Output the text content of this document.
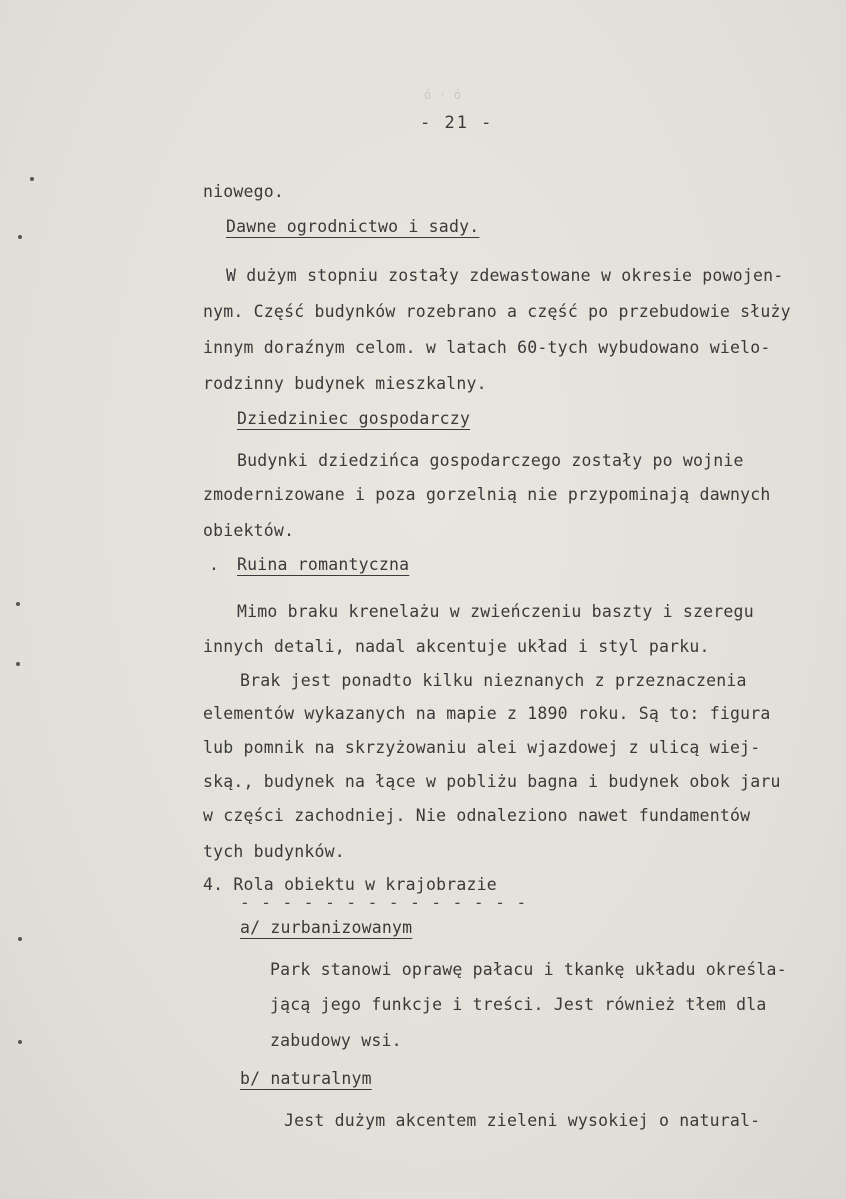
ó · ó
- 21 -
niowego.
Dawne ogrodnictwo i sady.
W dużym stopniu zostały zdewastowane w okresie powojen-
nym. Część budynków rozebrano a część po przebudowie służy
innym doraźnym celom. w latach 60-tych wybudowano wielo-
rodzinny budynek mieszkalny.
Dziedziniec gospodarczy
Budynki dziedzińca gospodarczego zostały po wojnie
zmodernizowane i poza gorzelnią nie przypominają dawnych
obiektów.
. Ruina romantyczna
Mimo braku krenelażu w zwieńczeniu baszty i szeregu
innych detali, nadal akcentuje układ i styl parku.
Brak jest ponadto kilku nieznanych z przeznaczenia
elementów wykazanych na mapie z 1890 roku. Są to: figura
lub pomnik na skrzyżowaniu alei wjazdowej z ulicą wiej-
ską., budynek na łące w pobliżu bagna i budynek obok jaru
w części zachodniej. Nie odnaleziono nawet fundamentów
tych budynków.
4. Rola obiektu w krajobrazie
- - - - - - - - - - - - - -
a/ zurbanizowanym
Park stanowi oprawę pałacu i tkankę układu określa-
jącą jego funkcje i treści. Jest również tłem dla
zabudowy wsi.
b/ naturalnym
Jest dużym akcentem zieleni wysokiej o natural-
